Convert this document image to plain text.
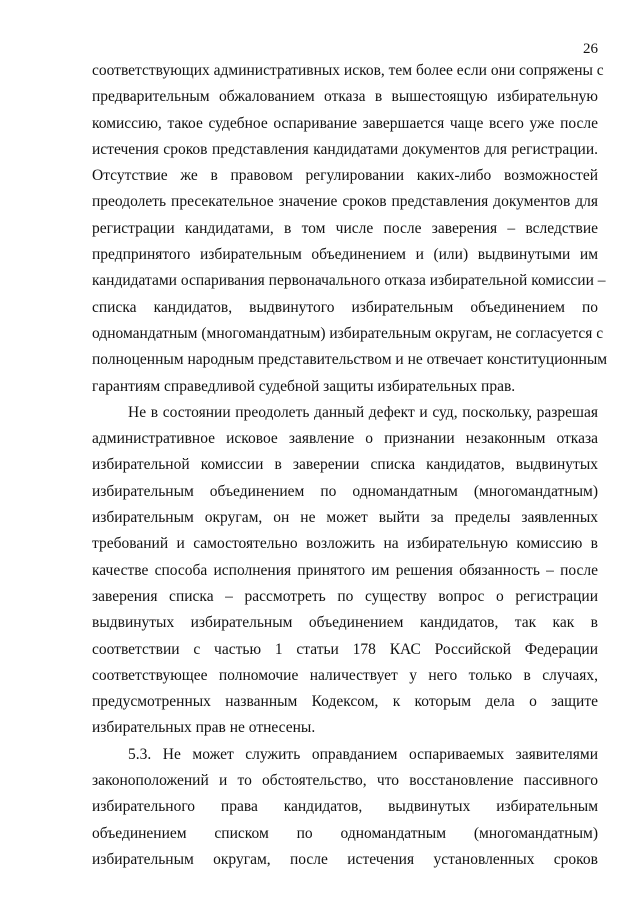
26
соответствующих административных исков, тем более если они сопряжены с
предварительным обжалованием отказа в вышестоящую избирательную
комиссию, такое судебное оспаривание завершается чаще всего уже после
истечения сроков представления кандидатами документов для регистрации.
Отсутствие же в правовом регулировании каких-либо возможностей
преодолеть пресекательное значение сроков представления документов для
регистрации кандидатами, в том числе после заверения – вследствие
предпринятого избирательным объединением и (или) выдвинутыми им
кандидатами оспаривания первоначального отказа избирательной комиссии –
списка кандидатов, выдвинутого избирательным объединением по
одномандатным (многомандатным) избирательным округам, не согласуется с
полноценным народным представительством и не отвечает конституционным
гарантиям справедливой судебной защиты избирательных прав.
Не в состоянии преодолеть данный дефект и суд, поскольку, разрешая
административное исковое заявление о признании незаконным отказа
избирательной комиссии в заверении списка кандидатов, выдвинутых
избирательным объединением по одномандатным (многомандатным)
избирательным округам, он не может выйти за пределы заявленных
требований и самостоятельно возложить на избирательную комиссию в
качестве способа исполнения принятого им решения обязанность – после
заверения списка – рассмотреть по существу вопрос о регистрации
выдвинутых избирательным объединением кандидатов, так как в
соответствии с частью 1 статьи 178 КАС Российской Федерации
соответствующее полномочие наличествует у него только в случаях,
предусмотренных названным Кодексом, к которым дела о защите
избирательных прав не отнесены.
5.3. Не может служить оправданием оспариваемых заявителями
законоположений и то обстоятельство, что восстановление пассивного
избирательного права кандидатов, выдвинутых избирательным
объединением списком по одномандатным (многомандатным)
избирательным округам, после истечения установленных сроков
